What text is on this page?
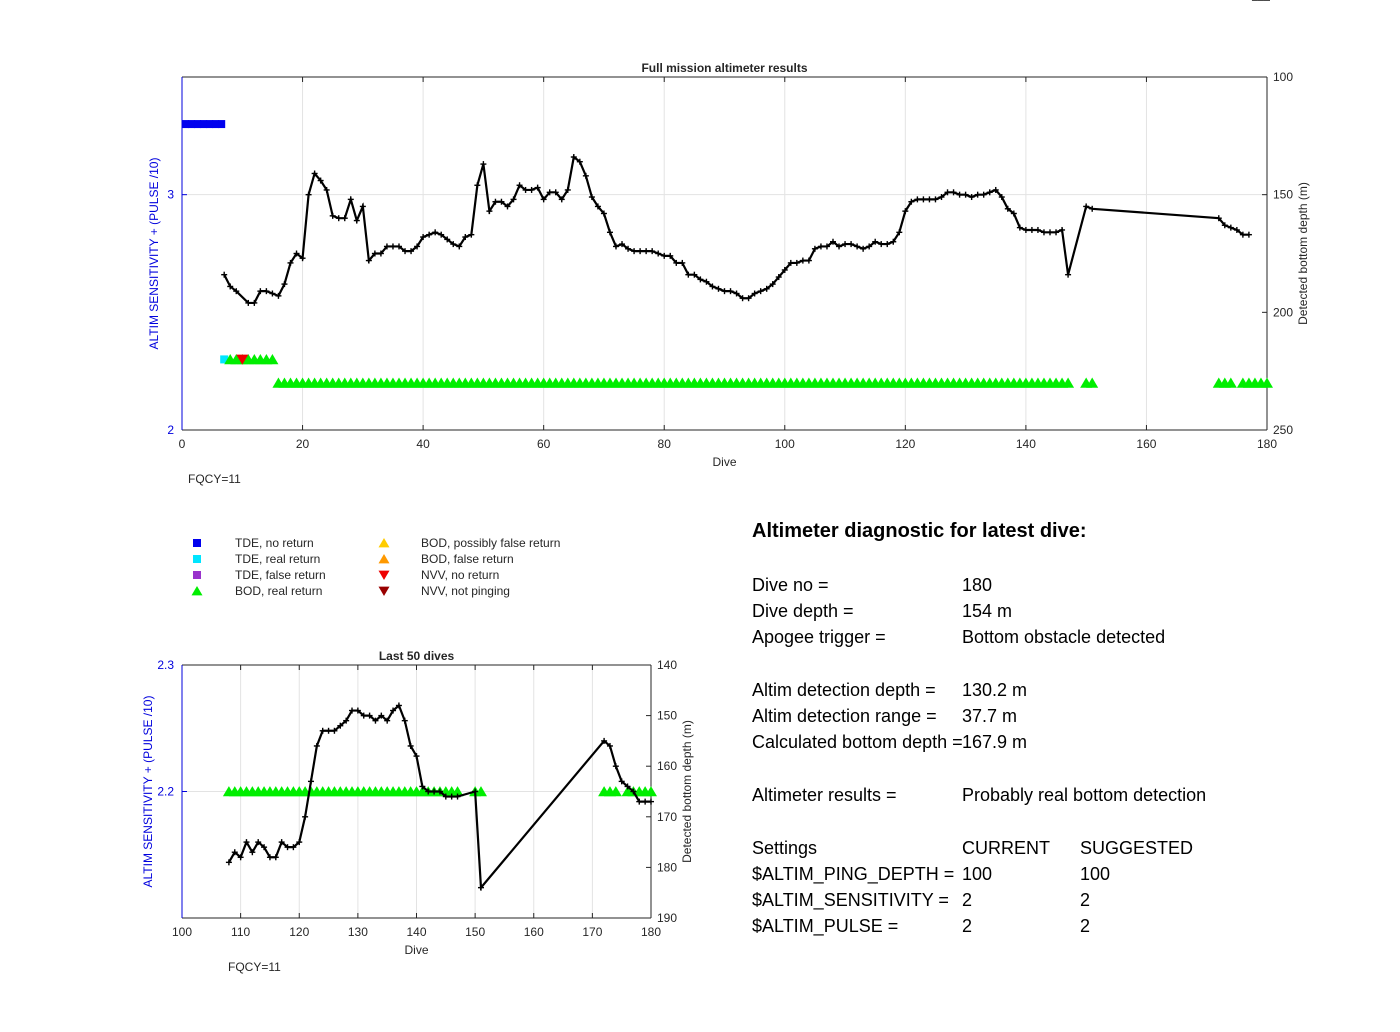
0	20	40	60	80	100	120	140	160	180
2
3
100
150
200
250
Full mission altimeter results
Dive
ALTIM SENSITIVITY + (PULSE /10)	Detected bottom depth (m)
FQCY=11
100	110	120	130	140	150	160	170	180
2.2
2.3	140
150
160
170
180
190
Last 50 dives
Dive
ALTIM SENSITIVITY + (PULSE /10)	Detected bottom depth (m)
FQCY=11
TDE, no return
TDE, real return
TDE, false return
BOD, real return
BOD, possibly false return
BOD, false return
NVV, no return
NVV, not pinging
Altimeter diagnostic for latest dive:
Dive no =	180
Dive depth =	154 m
Apogee trigger =	Bottom obstacle detected
Altim detection depth = 130.2 m
Altim detection range = 37.7 m
Calculated bottom depth = 167.9 m
Altimeter results =	Probably real bottom detection
Settings	CURRENT SUGGESTED
$ALTIM_PING_DEPTH = 100	100
$ALTIM_SENSITIVITY = 2	2
$ALTIM_PULSE =	2	2
